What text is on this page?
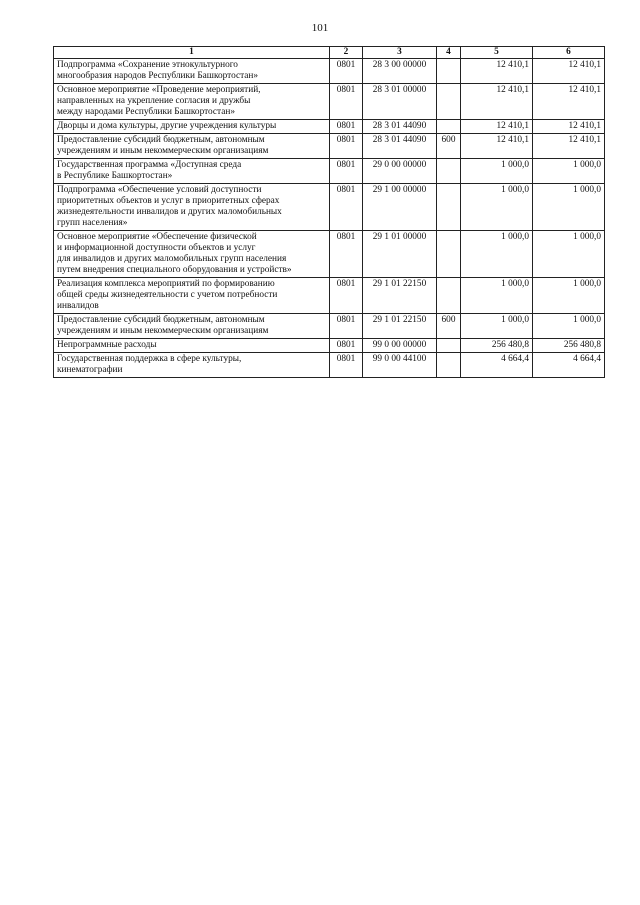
101
1	2	3	4	5	6
Подпрограмма «Сохранение этнокультурного
многообразия народов Республики Башкортостан»	0801	28 3 00 00000		12 410,1	12 410,1
Основное мероприятие «Проведение мероприятий,
направленных на укрепление согласия и дружбы
между народами Республики Башкортостан»	0801	28 3 01 00000		12 410,1	12 410,1
Дворцы и дома культуры, другие учреждения культуры	0801	28 3 01 44090		12 410,1	12 410,1
Предоставление субсидий бюджетным, автономным
учреждениям и иным некоммерческим организациям	0801	28 3 01 44090	600	12 410,1	12 410,1
Государственная программа «Доступная среда
в Республике Башкортостан»	0801	29 0 00 00000		1 000,0	1 000,0
Подпрограмма «Обеспечение условий доступности
приоритетных объектов и услуг в приоритетных сферах
жизнедеятельности инвалидов и других маломобильных
групп населения»	0801	29 1 00 00000		1 000,0	1 000,0
Основное мероприятие «Обеспечение физической
и информационной доступности объектов и услуг
для инвалидов и других маломобильных групп населения
путем внедрения специального оборудования и устройств»	0801	29 1 01 00000		1 000,0	1 000,0
Реализация комплекса мероприятий по формированию
общей среды жизнедеятельности с учетом потребности
инвалидов	0801	29 1 01 22150		1 000,0	1 000,0
Предоставление субсидий бюджетным, автономным
учреждениям и иным некоммерческим организациям	0801	29 1 01 22150	600	1 000,0	1 000,0
Непрограммные расходы	0801	99 0 00 00000		256 480,8	256 480,8
Государственная поддержка в сфере культуры,
кинематографии	0801	99 0 00 44100		4 664,4	4 664,4
